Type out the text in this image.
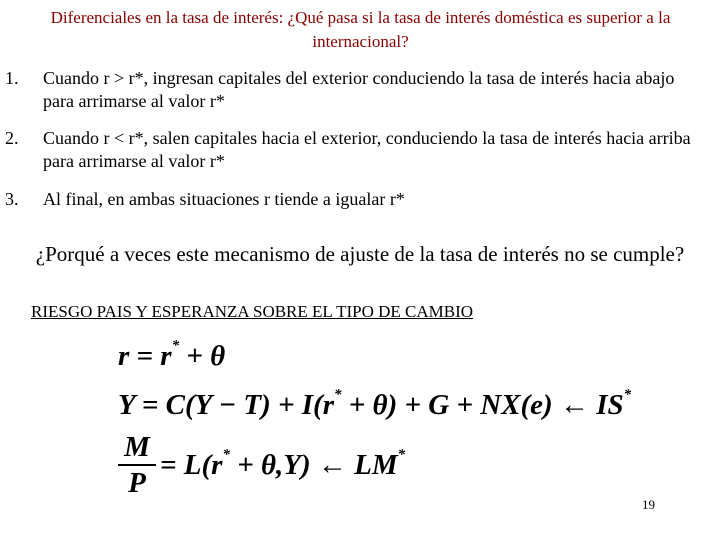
Diferenciales en la tasa de interés: ¿Qué pasa si la tasa de interés doméstica es superior a la internacional?
1. Cuando r > r*, ingresan capitales del exterior conduciendo la tasa de interés hacia abajo para arrimarse al valor r*
2. Cuando r < r*, salen capitales hacia el exterior, conduciendo la tasa de interés hacia arriba para arrimarse al valor r*
3. Al final, en ambas situaciones r tiende a igualar r*
¿Porqué a veces este mecanismo de ajuste de la tasa de interés no se cumple?
RIESGO PAIS Y ESPERANZA SOBRE EL TIPO DE CAMBIO
r = r* + θ
Y = C(Y − T) + I(r* + θ) + G + NX(e) ← IS*
M
P
= L(r* + θ,Y) ← LM*
19
